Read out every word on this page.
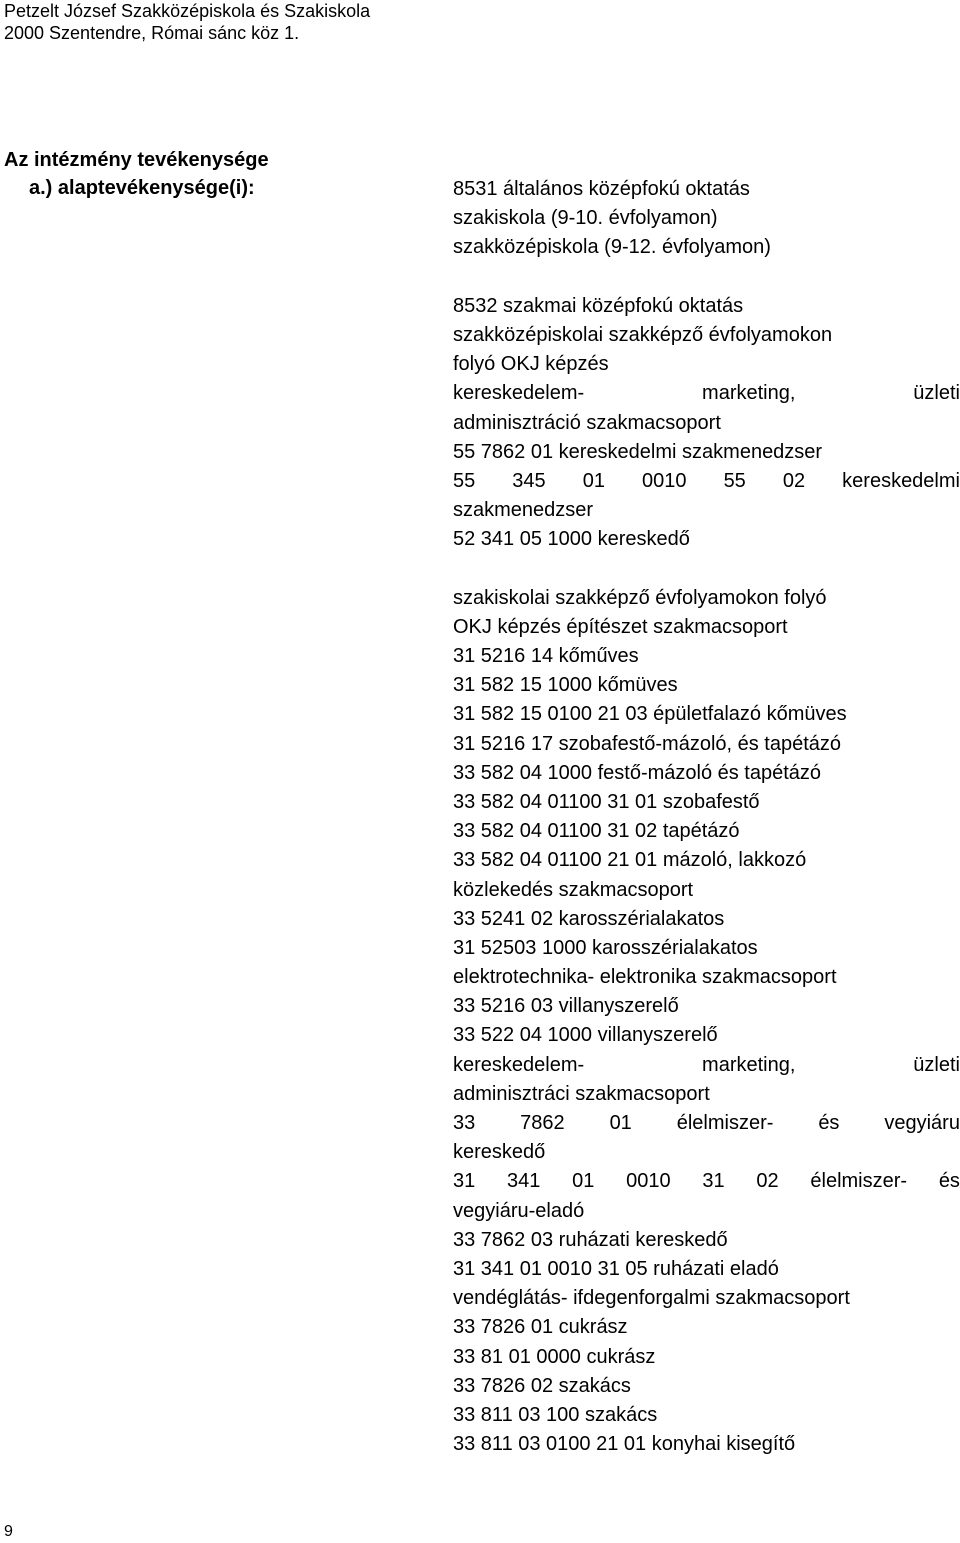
Petzelt József Szakközépiskola és Szakiskola
2000 Szentendre, Római sánc köz 1.
Az intézmény tevékenysége
a.) alaptevékenysége(i):	8531 általános középfokú oktatás
szakiskola (9-10. évfolyamon)
szakközépiskola (9-12. évfolyamon)
8532 szakmai középfokú oktatás
szakközépiskolai szakképző évfolyamokon
folyó OKJ képzés
kereskedelem-	marketing,	üzleti
adminisztráció szakmacsoport
55 7862 01 kereskedelmi szakmenedzser
55 345 01 0010 55 02 kereskedelmi
szakmenedzser
52 341 05 1000 kereskedő
szakiskolai szakképző évfolyamokon folyó
OKJ képzés építészet szakmacsoport
31 5216 14 kőműves
31 582 15 1000 kőmüves
31 582 15 0100 21 03 épületfalazó kőmüves
31 5216 17 szobafestő-mázoló, és tapétázó
33 582 04 1000 festő-mázoló és tapétázó
33 582 04 01100 31 01 szobafestő
33 582 04 01100 31 02 tapétázó
33 582 04 01100 21 01 mázoló, lakkozó
közlekedés szakmacsoport
33 5241 02 karosszérialakatos
31 52503 1000 karosszérialakatos
elektrotechnika- elektronika szakmacsoport
33 5216 03 villanyszerelő
33 522 04 1000 villanyszerelő
kereskedelem-	marketing,	üzleti
adminisztráci szakmacsoport
33 7862 01 élelmiszer- és vegyiáru
kereskedő
31 341 01 0010 31 02 élelmiszer- és
vegyiáru-eladó
33 7862 03 ruházati kereskedő
31 341 01 0010 31 05 ruházati eladó
vendéglátás- ifdegenforgalmi szakmacsoport
33 7826 01 cukrász
33 81 01 0000 cukrász
33 7826 02 szakács
33 811 03 100 szakács
33 811 03 0100 21 01 konyhai kisegítő
9
